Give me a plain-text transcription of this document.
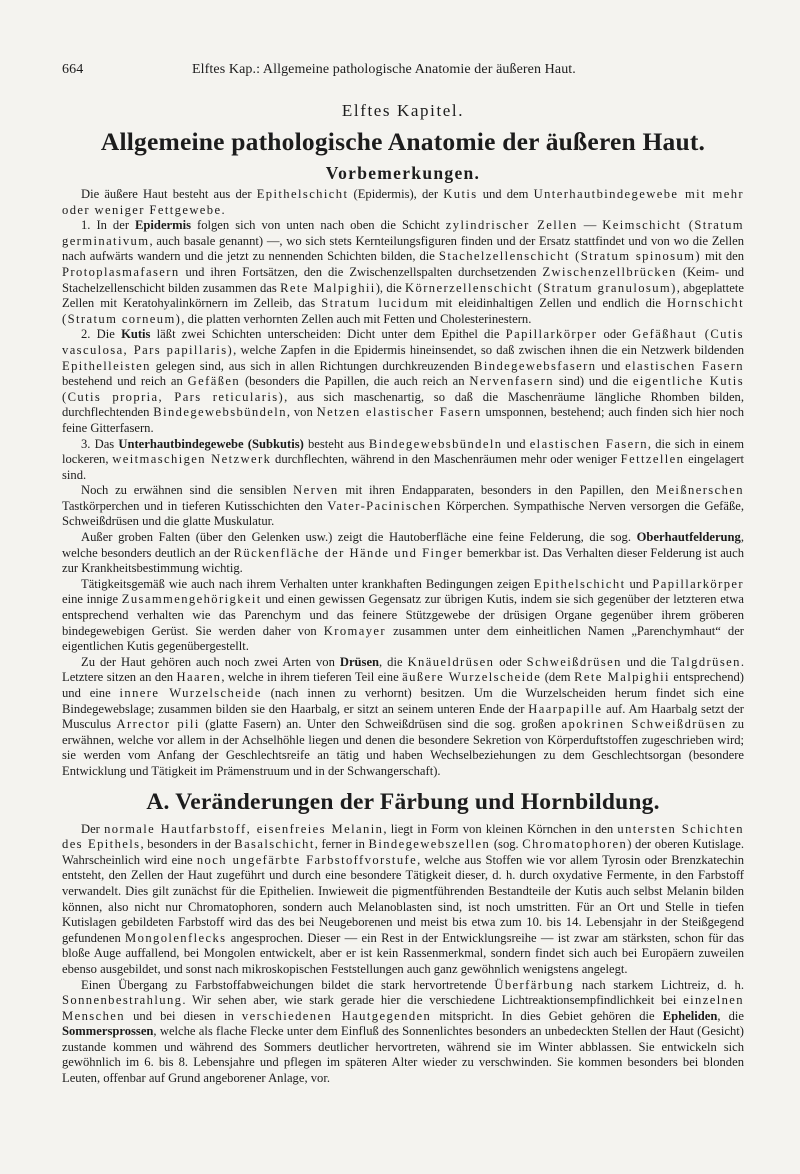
664	Elftes Kap.: Allgemeine pathologische Anatomie der äußeren Haut.
Elftes Kapitel.
Allgemeine pathologische Anatomie der äußeren Haut.
Vorbemerkungen.

Die äußere Haut besteht aus der Epithelschicht (Epidermis), der Kutis und dem Unterhautbindegewebe mit mehr oder weniger Fettgewebe.

1. In der Epidermis folgen sich von unten nach oben die Schicht zylindrischer Zellen — Keimschicht (Stratum germinativum, auch basale genannt) —, wo sich stets Kernteilungsfiguren finden und der Ersatz stattfindet und von wo die Zellen nach aufwärts wandern und die jetzt zu nennenden Schichten bilden, die Stachelzellenschicht (Stratum spinosum) mit den Protoplasmafasern und ihren Fortsätzen, den die Zwischenzellspalten durchsetzenden Zwischenzellbrücken (Keim- und Stachelzellenschicht bilden zusammen das Rete Malpighii), die Körnerzellenschicht (Stratum granulosum), abgeplattete Zellen mit Keratohyalinkörnern im Zelleib, das Stratum lucidum mit eleidinhaltigen Zellen und endlich die Hornschicht (Stratum corneum), die platten verhornten Zellen auch mit Fetten und Cholesterinestern.

2. Die Kutis läßt zwei Schichten unterscheiden: Dicht unter dem Epithel die Papillarkörper oder Gefäßhaut (Cutis vasculosa, Pars papillaris), welche Zapfen in die Epidermis hineinsendet, so daß zwischen ihnen die ein Netzwerk bildenden Epithelleisten gelegen sind, aus sich in allen Richtungen durchkreuzenden Bindegewebsfasern und elastischen Fasern bestehend und reich an Gefäßen (besonders die Papillen, die auch reich an Nervenfasern sind) und die eigentliche Kutis (Cutis propria, Pars reticularis), aus sich maschenartig, so daß die Maschenräume längliche Rhomben bilden, durchflechtenden Bindegewebsbündeln, von Netzen elastischer Fasern umsponnen, bestehend; auch finden sich hier noch feine Gitterfasern.

3. Das Unterhautbindegewebe (Subkutis) besteht aus Bindegewebsbündeln und elastischen Fasern, die sich in einem lockeren, weitmaschigen Netzwerk durchflechten, während in den Maschenräumen mehr oder weniger Fettzellen eingelagert sind.

Noch zu erwähnen sind die sensiblen Nerven mit ihren Endapparaten, besonders in den Papillen, den Meißnerschen Tastkörperchen und in tieferen Kutisschichten den Vater-Pacinischen Körperchen. Sympathische Nerven versorgen die Gefäße, Schweißdrüsen und die glatte Muskulatur.

Außer groben Falten (über den Gelenken usw.) zeigt die Hautoberfläche eine feine Felderung, die sog. Oberhautfelderung, welche besonders deutlich an der Rückenfläche der Hände und Finger bemerkbar ist. Das Verhalten dieser Felderung ist auch zur Krankheitsbestimmung wichtig.

Tätigkeitsgemäß wie auch nach ihrem Verhalten unter krankhaften Bedingungen zeigen Epithelschicht und Papillarkörper eine innige Zusammengehörigkeit und einen gewissen Gegensatz zur übrigen Kutis, indem sie sich gegenüber der letzteren etwa entsprechend verhalten wie das Parenchym und das feinere Stützgewebe der drüsigen Organe gegenüber ihrem gröberen bindegewebigen Gerüst. Sie werden daher von Kromayer zusammen unter dem einheitlichen Namen „Parenchymhaut“ der eigentlichen Kutis gegenübergestellt.

Zu der Haut gehören auch noch zwei Arten von Drüsen, die Knäueldrüsen oder Schweißdrüsen und die Talgdrüsen. Letztere sitzen an den Haaren, welche in ihrem tieferen Teil eine äußere Wurzelscheide (dem Rete Malpighii entsprechend) und eine innere Wurzelscheide (nach innen zu verhornt) besitzen. Um die Wurzelscheiden herum findet sich eine Bindegewebslage; zusammen bilden sie den Haarbalg, er sitzt an seinem unteren Ende der Haarpapille auf. Am Haarbalg setzt der Musculus Arrector pili (glatte Fasern) an. Unter den Schweißdrüsen sind die sog. großen apokrinen Schweißdrüsen zu erwähnen, welche vor allem in der Achselhöhle liegen und denen die besondere Sekretion von Körperduftstoffen zugeschrieben wird; sie werden vom Anfang der Geschlechtsreife an tätig und haben Wechselbeziehungen zu dem Geschlechtsorgan (besondere Entwicklung und Tätigkeit im Prämenstruum und in der Schwangerschaft).

A. Veränderungen der Färbung und Hornbildung.

Der normale Hautfarbstoff, eisenfreies Melanin, liegt in Form von kleinen Körnchen in den untersten Schichten des Epithels, besonders in der Basalschicht, ferner in Bindegewebszellen (sog. Chromatophoren) der oberen Kutislage. Wahrscheinlich wird eine noch ungefärbte Farbstoffvorstufe, welche aus Stoffen wie vor allem Tyrosin oder Brenzkatechin entsteht, den Zellen der Haut zugeführt und durch eine besondere Tätigkeit dieser, d. h. durch oxydative Fermente, in den Farbstoff verwandelt. Dies gilt zunächst für die Epithelien. Inwieweit die pigmentführenden Bestandteile der Kutis auch selbst Melanin bilden können, also nicht nur Chromatophoren, sondern auch Melanoblasten sind, ist noch umstritten. Für an Ort und Stelle in tiefen Kutislagen gebildeten Farbstoff wird das des bei Neugeborenen und meist bis etwa zum 10. bis 14. Lebensjahr in der Steißgegend gefundenen Mongolenflecks angesprochen. Dieser — ein Rest in der Entwicklungsreihe — ist zwar am stärksten, schon für das bloße Auge auffallend, bei Mongolen entwickelt, aber er ist kein Rassenmerkmal, sondern findet sich auch bei Europäern zuweilen ebenso ausgebildet, und sonst nach mikroskopischen Feststellungen auch ganz gewöhnlich wenigstens angelegt.

Einen Übergang zu Farbstoffabweichungen bildet die stark hervortretende Überfärbung nach starkem Lichtreiz, d. h. Sonnenbestrahlung. Wir sehen aber, wie stark gerade hier die verschiedene Lichtreaktionsempfindlichkeit bei einzelnen Menschen und bei diesen in verschiedenen Hautgegenden mitspricht. In dies Gebiet gehören die Epheliden, die Sommersprossen, welche als flache Flecke unter dem Einfluß des Sonnenlichtes besonders an unbedeckten Stellen der Haut (Gesicht) zustande kommen und während des Sommers deutlicher hervortreten, während sie im Winter abblassen. Sie entwickeln sich gewöhnlich im 6. bis 8. Lebensjahre und pflegen im späteren Alter wieder zu verschwinden. Sie kommen besonders bei blonden Leuten, offenbar auf Grund angeborener Anlage, vor.
